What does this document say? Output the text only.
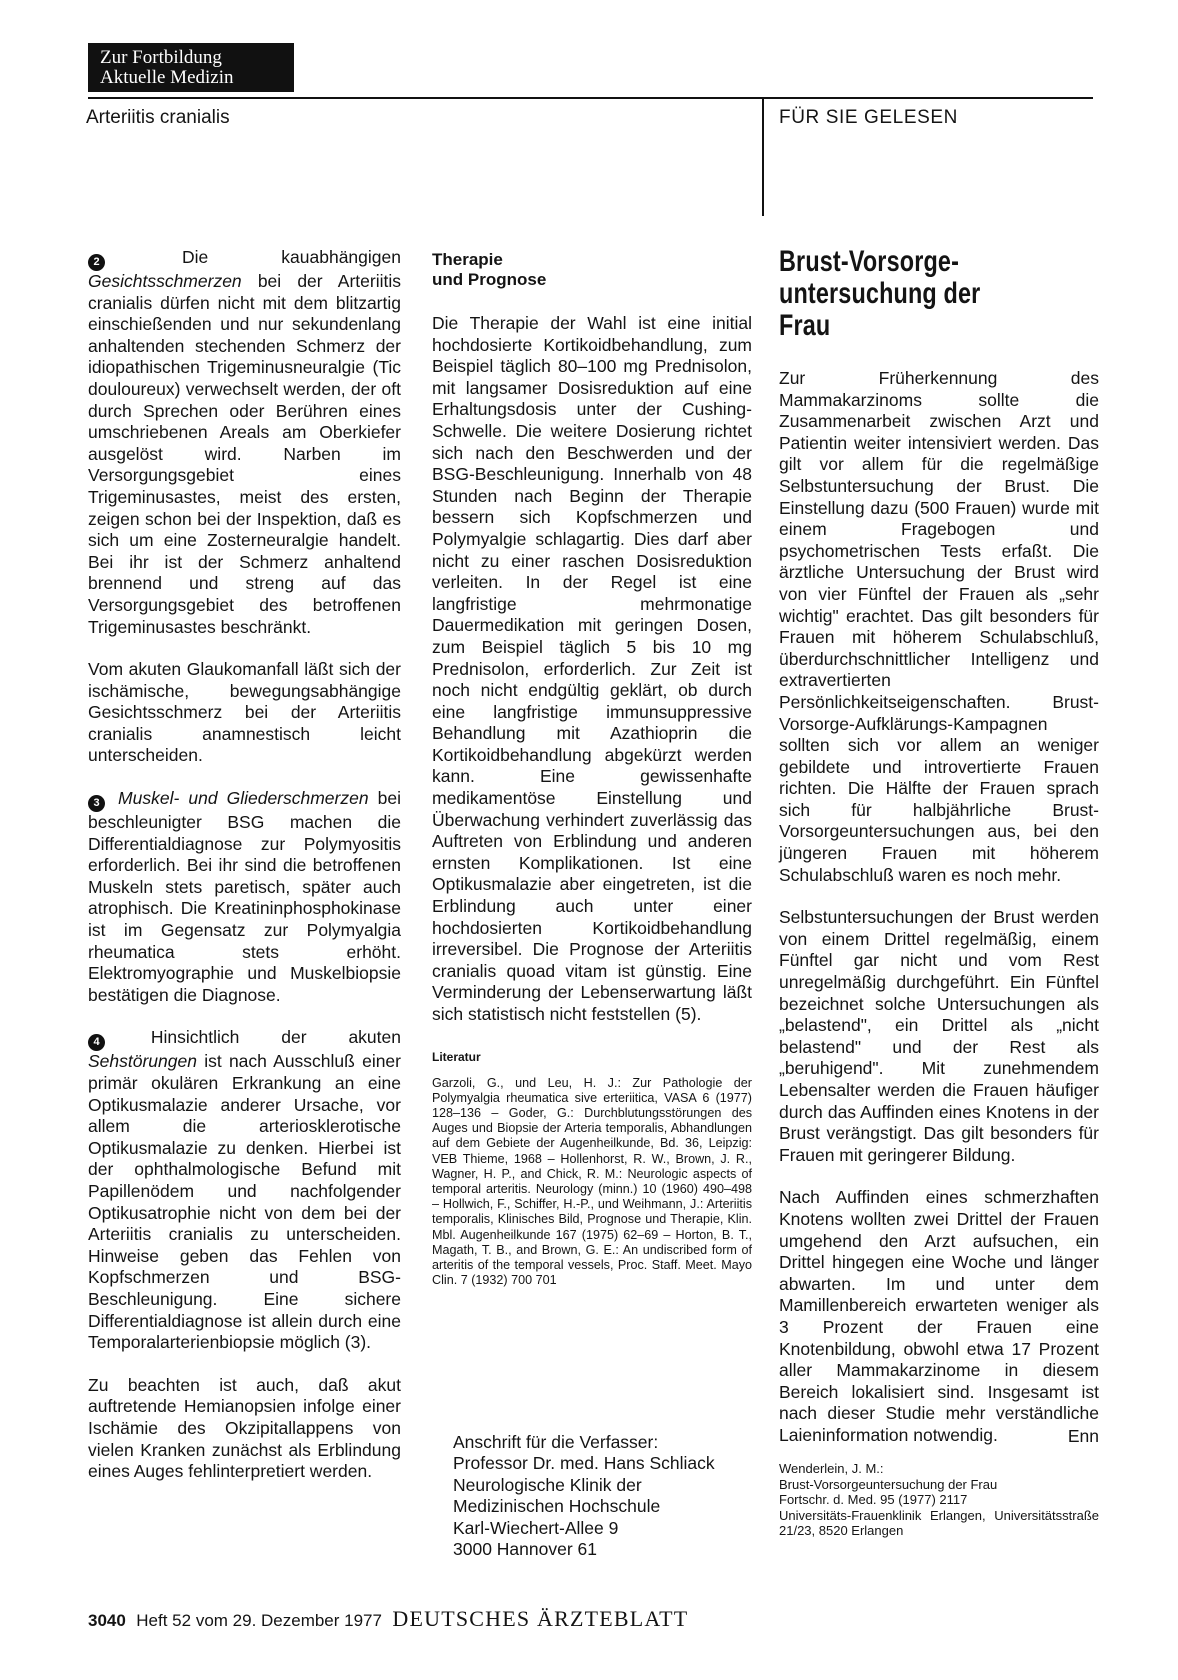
Zur Fortbildung
Aktuelle Medizin
Arteriitis cranialis	FÜR SIE GELESEN

2	Die kauabhängigen Gesichtsschmerzen bei der Arteriitis cranialis dürfen nicht mit dem blitzartig einschießenden und nur sekundenlang anhaltenden stechenden Schmerz der idiopathischen Trigeminusneuralgie (Tic douloureux) verwechselt werden, der oft durch Sprechen oder Berühren eines umschriebenen Areals am Oberkiefer ausgelöst wird. Narben im Versorgungsgebiet eines Trigeminusastes, meist des ersten, zeigen schon bei der Inspektion, daß es sich um eine Zosterneuralgie handelt. Bei ihr ist der Schmerz anhaltend brennend und streng auf das Versorgungsgebiet des betroffenen Trigeminusastes beschränkt.

Vom akuten Glaukomanfall läßt sich der ischämische, bewegungsabhängige Gesichtsschmerz bei der Arteriitis cranialis anamnestisch leicht unterscheiden.

3 Muskel- und Gliederschmerzen bei beschleunigter BSG machen die Differentialdiagnose zur Polymyositis erforderlich. Bei ihr sind die betroffenen Muskeln stets paretisch, später auch atrophisch. Die Kreatininphosphokinase ist im Gegensatz zur Polymyalgia rheumatica stets erhöht. Elektromyographie und Muskelbiopsie bestätigen die Diagnose.

4	Hinsichtlich der akuten Sehstörungen ist nach Ausschluß einer primär okulären Erkrankung an eine Optikusmalazie anderer Ursache, vor allem die arteriosklerotische Optikusmalazie zu denken. Hierbei ist der ophthalmologische Befund mit Papillenödem und nachfolgender Optikusatrophie nicht von dem bei der Arteriitis cranialis zu unterscheiden. Hinweise geben das Fehlen von Kopfschmerzen und BSG-Beschleunigung. Eine sichere Differentialdiagnose ist allein durch eine Temporalarterienbiopsie möglich (3).

Zu beachten ist auch, daß akut auftretende Hemianopsien infolge einer Ischämie des Okzipitallappens von vielen Kranken zunächst als Erblindung eines Auges fehlinterpretiert werden.

Therapie
und Prognose
Die Therapie der Wahl ist eine initial hochdosierte Kortikoidbehandlung, zum Beispiel täglich 80–100 mg Prednisolon, mit langsamer Dosisreduktion auf eine Erhaltungsdosis unter der Cushing-Schwelle. Die weitere Dosierung richtet sich nach den Beschwerden und der BSG-Beschleunigung. Innerhalb von 48 Stunden nach Beginn der Therapie bessern sich Kopfschmerzen und Polymyalgie schlagartig. Dies darf aber nicht zu einer raschen Dosisreduktion verleiten. In der Regel ist eine langfristige mehrmonatige Dauermedikation mit geringen Dosen, zum Beispiel täglich 5 bis 10 mg Prednisolon, erforderlich. Zur Zeit ist noch nicht endgültig geklärt, ob durch eine langfristige immunsuppressive Behandlung mit Azathioprin die Kortikoidbehandlung abgekürzt werden kann. Eine gewissenhafte medikamentöse Einstellung und Überwachung verhindert zuverlässig das Auftreten von Erblindung und anderen ernsten Komplikationen. Ist eine Optikusmalazie aber eingetreten, ist die Erblindung auch unter einer hochdosierten Kortikoidbehandlung irreversibel. Die Prognose der Arteriitis cranialis quoad vitam ist günstig. Eine Verminderung der Lebenserwartung läßt sich statistisch nicht feststellen (5).
Literatur
Garzoli, G., und Leu, H. J.: Zur Pathologie der Polymyalgia rheumatica sive erteriitica, VASA 6 (1977) 128–136 – Goder, G.: Durchblutungsstörungen des Auges und Biopsie der Arteria temporalis, Abhandlungen auf dem Gebiete der Augenheilkunde, Bd. 36, Leipzig: VEB Thieme, 1968 – Hollenhorst, R. W., Brown, J. R., Wagner, H. P., and Chick, R. M.: Neurologic aspects of temporal arteritis. Neurology (minn.) 10 (1960) 490–498 – Hollwich, F., Schiffer, H.-P., und Weihmann, J.: Arteriitis temporalis, Klinisches Bild, Prognose und Therapie, Klin. Mbl. Augenheilkunde 167 (1975) 62–69 – Horton, B. T., Magath, T. B., and Brown, G. E.: An undiscribed form of arteritis of the temporal vessels, Proc. Staff. Meet. Mayo Clin. 7 (1932) 700 701
Anschrift für die Verfasser:
Professor Dr. med. Hans Schliack
Neurologische Klinik der
Medizinischen Hochschule
Karl-Wiechert-Allee 9
3000 Hannover 61
Brust-Vorsorge-
untersuchung der Frau

Zur Früherkennung des Mammakarzinoms sollte die Zusammenarbeit zwischen Arzt und Patientin weiter intensiviert werden. Das gilt vor allem für die regelmäßige Selbstuntersuchung der Brust. Die Einstellung dazu (500 Frauen) wurde mit einem Fragebogen und psychometrischen Tests erfaßt. Die ärztliche Untersuchung der Brust wird von vier Fünftel der Frauen als „sehr wichtig" erachtet. Das gilt besonders für Frauen mit höherem Schulabschluß, überdurchschnittlicher Intelligenz und extravertierten Persönlichkeitseigenschaften. Brust-Vorsorge-Aufklärungs-Kampagnen sollten sich vor allem an weniger gebildete und introvertierte Frauen richten. Die Hälfte der Frauen sprach sich für halbjährliche Brust-Vorsorgeuntersuchungen aus, bei den jüngeren Frauen mit höherem Schulabschluß waren es noch mehr.

Selbstuntersuchungen der Brust werden von einem Drittel regelmäßig, einem Fünftel gar nicht und vom Rest unregelmäßig durchgeführt. Ein Fünftel bezeichnet solche Untersuchungen als „belastend", ein Drittel als „nicht belastend" und der Rest als „beruhigend". Mit zunehmendem Lebensalter werden die Frauen häufiger durch das Auffinden eines Knotens in der Brust verängstigt. Das gilt besonders für Frauen mit geringerer Bildung.

Nach Auffinden eines schmerzhaften Knotens wollten zwei Drittel der Frauen umgehend den Arzt aufsuchen, ein Drittel hingegen eine Woche und länger abwarten. Im und unter dem Mamillenbereich erwarteten weniger als 3 Prozent der Frauen eine Knotenbildung, obwohl etwa 17 Prozent aller Mammakarzinome in diesem Bereich lokalisiert sind. Insgesamt ist nach dieser Studie mehr verständliche Laieninformation notwendig.	Enn
Wenderlein, J. M.:
Brust-Vorsorgeuntersuchung der Frau
Fortschr. d. Med. 95 (1977) 2117
Universitäts-Frauenklinik Erlangen, Universitätsstraße 21/23, 8520 Erlangen
3040 Heft 52 vom 29. Dezember 1977 DEUTSCHES ÄRZTEBLATT
